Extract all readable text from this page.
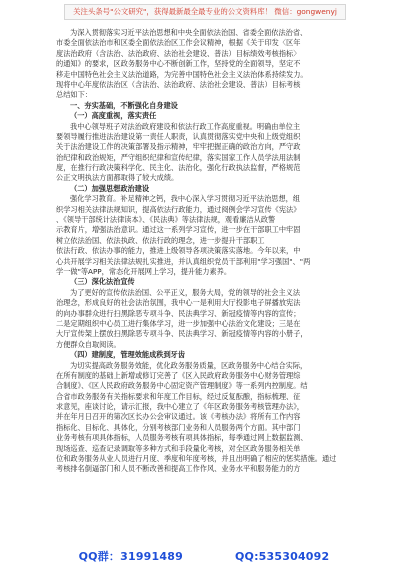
关注头条号"公文研究"，获得最新最全最专业的公文资料库！ 微信：gongwenyj
为深入贯彻落实习近平法治思想和中央全面依法治国、省委全面依法治省、
市委全面依法治市和区委全面依法治区工作会议精神，根据《关于印发〈区年
度法治政府（含法治、法治政府、法治社会建设、普法）目标绩效考核指标〉
的通知》的要求，区政务服务中心不断创新工作，坚持党的全面领导，坚定不
移走中国特色社会主义法治道路，为完善中国特色社会主义法治体系持续发力。
现将中心年度依法治区（含法治、法治政府、法治社会建设、普法）目标考核
总结如下：
一、夯实基础，不断强化自身建设
（一）高度重视，落实责任
我中心领导班子对法治政府建设和依法行政工作高度重视。明确由单位主
要领导履行推进法治建设第一责任人职责，认真贯彻落实党中央和上级党组织
关于法治建设工作的决策部署及指示精神，牢牢把握正确的政治方向，严守政
治纪律和政治规矩，严守组织纪律和宣传纪律，落实国家工作人员学法用法制
度，在推行行政决策科学化、民主化、法治化，强化行政执法监督，严格规范
公正文明执法方面都取得了较大成绩。
（二）加强思想政治建设
强化学习教育。补足精神之钙，我中心深入学习贯彻习近平法治思想，组
织学习相关法律法规知识，提高依法行政能力，通过阅例会学习宣传《宪法》
、《领导干部统计法律读本》、《民法典》等法律法规，观看廉洁从政警
示教育片，增强法治意识。通过这一系列学习宣传，进一步在干部职工中牢固
树立依法治国、依法执政、依法行政的理念，进一步提升干部职工
依法行政、依法办事的能力，推进上级领导各项决策落实落地。今年以来，中
心共开展学习相关法律法规扎实推进，并认真组织党员干部利用"学习强国"、"两
学一做"等APP，常态化开展网上学习，提升能力素养。
（三）深化法治宣传
为了更好的宣传依法治国、公平正义，服务大局，党的领导的社会主义法
治理念，形成良好的社会法治氛围，我中心一是利用大厅投影电子屏播放宪法
的向办事群众进行扫黑除恶专项斗争、民法典学习、新冠疫情等内容的宣传；
二是定期组织中心员工进行集体学习，进一步加强中心法治文化建设；三是在
大厅宣传架上摆放扫黑除恶专项斗争、民法典学习、新冠疫情等内容的小册子，
方便群众自取阅读。
（四）建制度，管理效能成秩到牙齿
为切实提高政务服务效能，优化政务服务质量，区政务服务中心结合实际，
在所有制度的基础上新增或修订完善了《区入民政府政务服务中心财务管理综
合制度》、《区人民政府政务服务中心固定资产管理制度》等一系列内控制度。结
合省市政务服务有关指标要求和年度工作目标，经过反复酝酿，指标梳理、征
求意见，座谈讨论，请示汇报，我中心建立了《年区政务服务考核管理办法》，
并在年月日召开的第次区长办公会审议通过。该《考核办法》将所有工作内容
指标化、目标化、具体化，分别考核部门业务和人员服务两个方面。其中部门
业务考核有项具体指标，人员服务考核有项具体指标，每季通过网上数据监测、
现场巡查、巡查记录调取等多种方式和手段量化考核，对全区政务服务相关单
位和政务服务从业人员进行月度、季度和年度考核，并且出明确了相应的惩奖措施。通过
考核排名倒逼部门和人员不断改善和提高工作作风、业务水平和服务能力的方
QQ群：31991489	QQ:535304092
